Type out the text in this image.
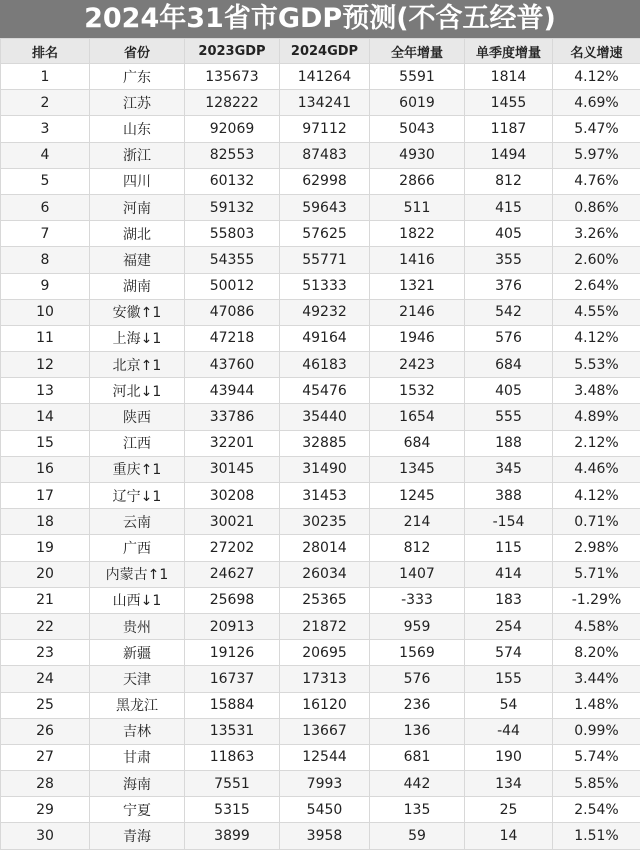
2024年31省市GDP预测(不含五经普)
排名	省份	2023GDP	2024GDP	全年增量	单季度增量	名义增速
1	广东	135673	141264	5591	1814	4.12%
2	江苏	128222	134241	6019	1455	4.69%
3	山东	92069	97112	5043	1187	5.47%
4	浙江	82553	87483	4930	1494	5.97%
5	四川	60132	62998	2866	812	4.76%
6	河南	59132	59643	511	415	0.86%
7	湖北	55803	57625	1822	405	3.26%
8	福建	54355	55771	1416	355	2.60%
9	湖南	50012	51333	1321	376	2.64%
10	安徽↑1	47086	49232	2146	542	4.55%
11	上海↓1	47218	49164	1946	576	4.12%
12	北京↑1	43760	46183	2423	684	5.53%
13	河北↓1	43944	45476	1532	405	3.48%
14	陕西	33786	35440	1654	555	4.89%
15	江西	32201	32885	684	188	2.12%
16	重庆↑1	30145	31490	1345	345	4.46%
17	辽宁↓1	30208	31453	1245	388	4.12%
18	云南	30021	30235	214	-154	0.71%
19	广西	27202	28014	812	115	2.98%
20	内蒙古↑1	24627	26034	1407	414	5.71%
21	山西↓1	25698	25365	-333	183	-1.29%
22	贵州	20913	21872	959	254	4.58%
23	新疆	19126	20695	1569	574	8.20%
24	天津	16737	17313	576	155	3.44%
25	黑龙江	15884	16120	236	54	1.48%
26	吉林	13531	13667	136	-44	0.99%
27	甘肃	11863	12544	681	190	5.74%
28	海南	7551	7993	442	134	5.85%
29	宁夏	5315	5450	135	25	2.54%
30	青海	3899	3958	59	14	1.51%
